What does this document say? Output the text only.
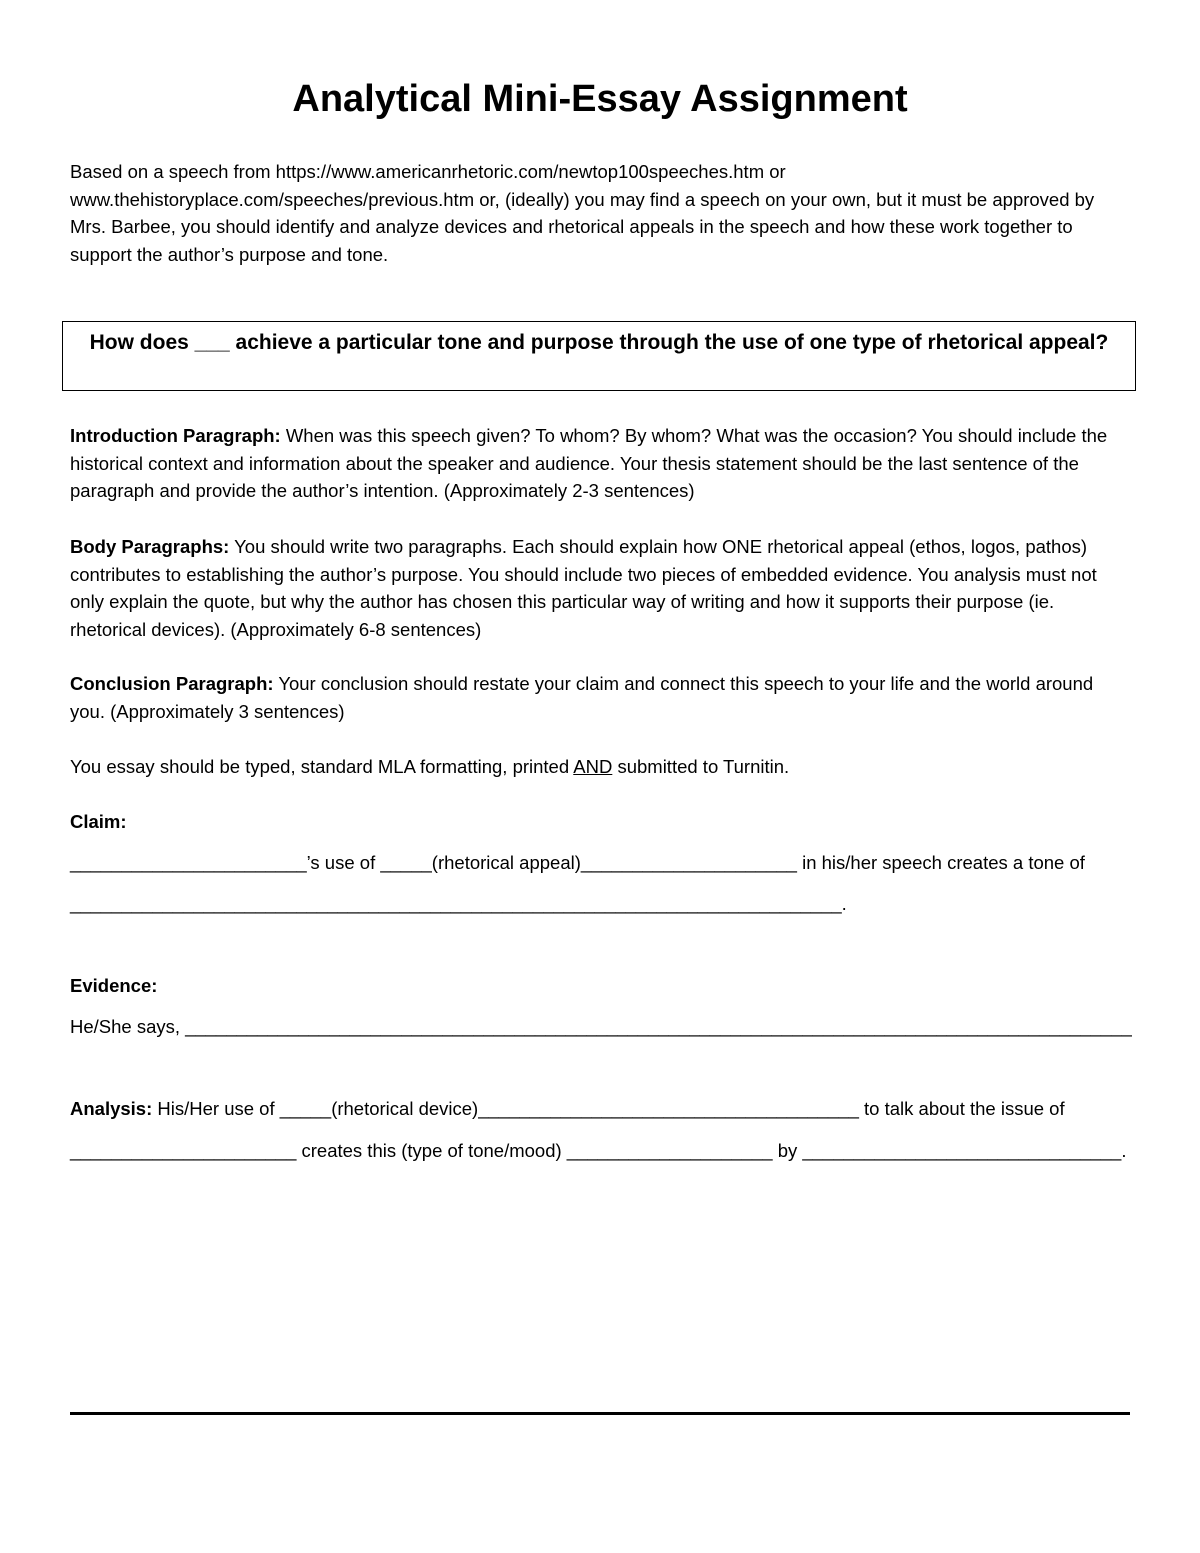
Analytical Mini-Essay Assignment
Based on a speech from https://www.americanrhetoric.com/newtop100speeches.htm or www.thehistoryplace.com/speeches/previous.htm or, (ideally) you may find a speech on your own, but it must be approved by Mrs. Barbee, you should identify and analyze devices and rhetorical appeals in the speech and how these work together to support the author’s purpose and tone.
How does ___ achieve a particular tone and purpose through the use of one type of rhetorical appeal?
Introduction Paragraph: When was this speech given? To whom? By whom? What was the occasion? You should include the historical context and information about the speaker and audience. Your thesis statement should be the last sentence of the paragraph and provide the author’s intention. (Approximately 2-3 sentences)
Body Paragraphs: You should write two paragraphs. Each should explain how ONE rhetorical appeal (ethos, logos, pathos) contributes to establishing the author’s purpose. You should include two pieces of embedded evidence. You analysis must not only explain the quote, but why the author has chosen this particular way of writing and how it supports their purpose (ie. rhetorical devices). (Approximately 6-8 sentences)
Conclusion Paragraph: Your conclusion should restate your claim and connect this speech to your life and the world around you. (Approximately 3 sentences)
You essay should be typed, standard MLA formatting, printed AND submitted to Turnitin.
Claim:
_______________________’s use of _____(rhetorical appeal)_____________________ in his/her speech creates a tone of
___________________________________________________________________________.
Evidence:
He/She says, ____________________________________________________________________________________________
Analysis: His/Her use of _____(rhetorical device)_____________________________________ to talk about the issue of
______________________ creates this (type of tone/mood) ____________________ by _______________________________.
